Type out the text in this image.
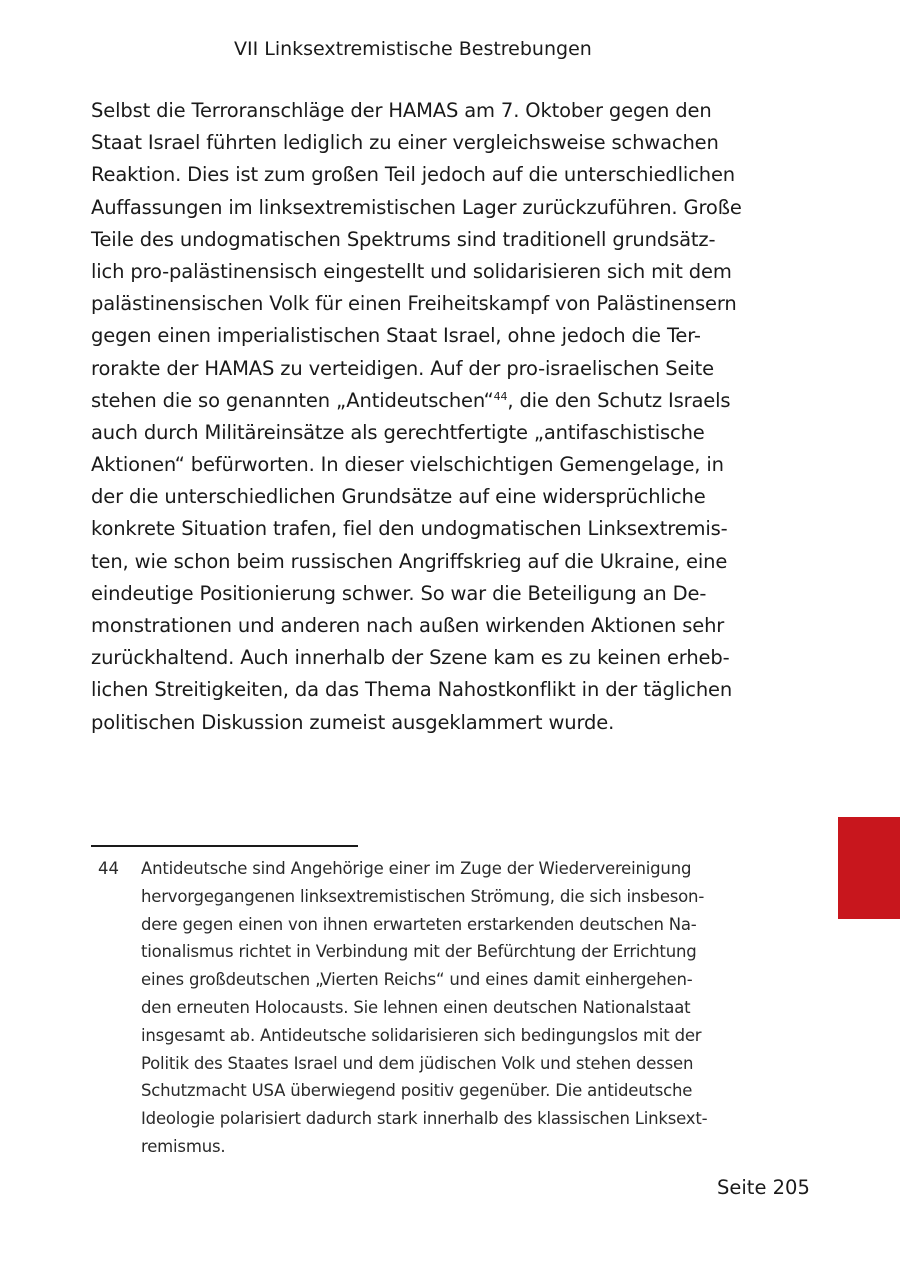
VII Linksextremistische Bestrebungen
Selbst die Terroranschläge der HAMAS am 7. Oktober gegen den
Staat Israel führten lediglich zu einer vergleichsweise schwachen
Reaktion. Dies ist zum großen Teil jedoch auf die unterschiedlichen
Auffassungen im linksextremistischen Lager zurückzuführen. Große
Teile des undogmatischen Spektrums sind traditionell grundsätz-
lich pro-palästinensisch eingestellt und solidarisieren sich mit dem
palästinensischen Volk für einen Freiheitskampf von Palästinensern
gegen einen imperialistischen Staat Israel, ohne jedoch die Ter-
rorakte der HAMAS zu verteidigen. Auf der pro-israelischen Seite
stehen die so genannten „Antideutschen“$^{44}$, die den Schutz Israels
auch durch Militäreinsätze als gerechtfertigte „antifaschistische
Aktionen“ befürworten. In dieser vielschichtigen Gemengelage, in
der die unterschiedlichen Grundsätze auf eine widersprüchliche
konkrete Situation trafen, fiel den undogmatischen Linksextremis-
ten, wie schon beim russischen Angriffskrieg auf die Ukraine, eine
eindeutige Positionierung schwer. So war die Beteiligung an De-
monstrationen und anderen nach außen wirkenden Aktionen sehr
zurückhaltend. Auch innerhalb der Szene kam es zu keinen erheb-
lichen Streitigkeiten, da das Thema Nahostkonflikt in der täglichen
politischen Diskussion zumeist ausgeklammert wurde.
44 Antideutsche sind Angehörige einer im Zuge der Wiedervereinigung
hervorgegangenen linksextremistischen Strömung, die sich insbeson-
dere gegen einen von ihnen erwarteten erstarkenden deutschen Na-
tionalismus richtet in Verbindung mit der Befürchtung der Errichtung
eines großdeutschen „Vierten Reichs“ und eines damit einhergehen-
den erneuten Holocausts. Sie lehnen einen deutschen Nationalstaat
insgesamt ab. Antideutsche solidarisieren sich bedingungslos mit der
Politik des Staates Israel und dem jüdischen Volk und stehen dessen
Schutzmacht USA überwiegend positiv gegenüber. Die antideutsche
Ideologie polarisiert dadurch stark innerhalb des klassischen Linksext-
remismus.
Seite 205
